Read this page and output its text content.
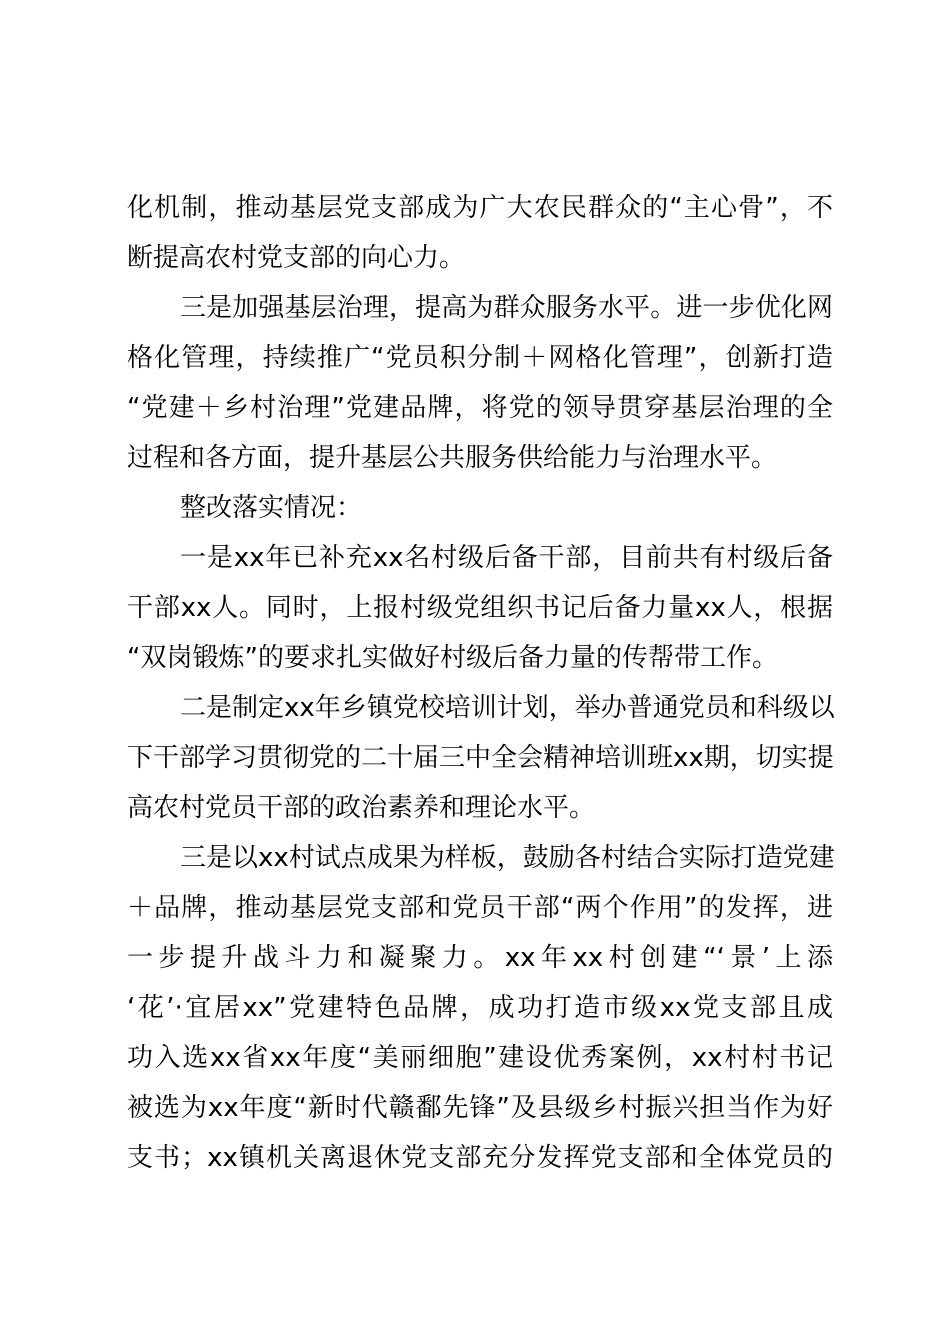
化机制，推动基层党支部成为广大农民群众的“主心骨”，不
断提高农村党支部的向心力。
三是加强基层治理，提高为群众服务水平。进一步优化网
格化管理，持续推广“党员积分制＋网格化管理”，创新打造
“党建＋乡村治理”党建品牌，将党的领导贯穿基层治理的全
过程和各方面，提升基层公共服务供给能力与治理水平。
整改落实情况：
一是xx年已补充xx名村级后备干部，目前共有村级后备
干部xx人。同时，上报村级党组织书记后备力量xx人，根据
“双岗锻炼”的要求扎实做好村级后备力量的传帮带工作。
二是制定xx年乡镇党校培训计划，举办普通党员和科级以
下干部学习贯彻党的二十届三中全会精神培训班xx期，切实提
高农村党员干部的政治素养和理论水平。
三是以xx村试点成果为样板，鼓励各村结合实际打造党建
＋品牌，推动基层党支部和党员干部“两个作用”的发挥，进
一步提升战斗力和凝聚力。xx年xx村创建“‘景’上添
‘花’·宜居xx”党建特色品牌，成功打造市级xx党支部且成
功入选xx省xx年度“美丽细胞”建设优秀案例，xx村村书记
被选为xx年度“新时代赣鄱先锋”及县级乡村振兴担当作为好
支书；xx镇机关离退休党支部充分发挥党支部和全体党员的
